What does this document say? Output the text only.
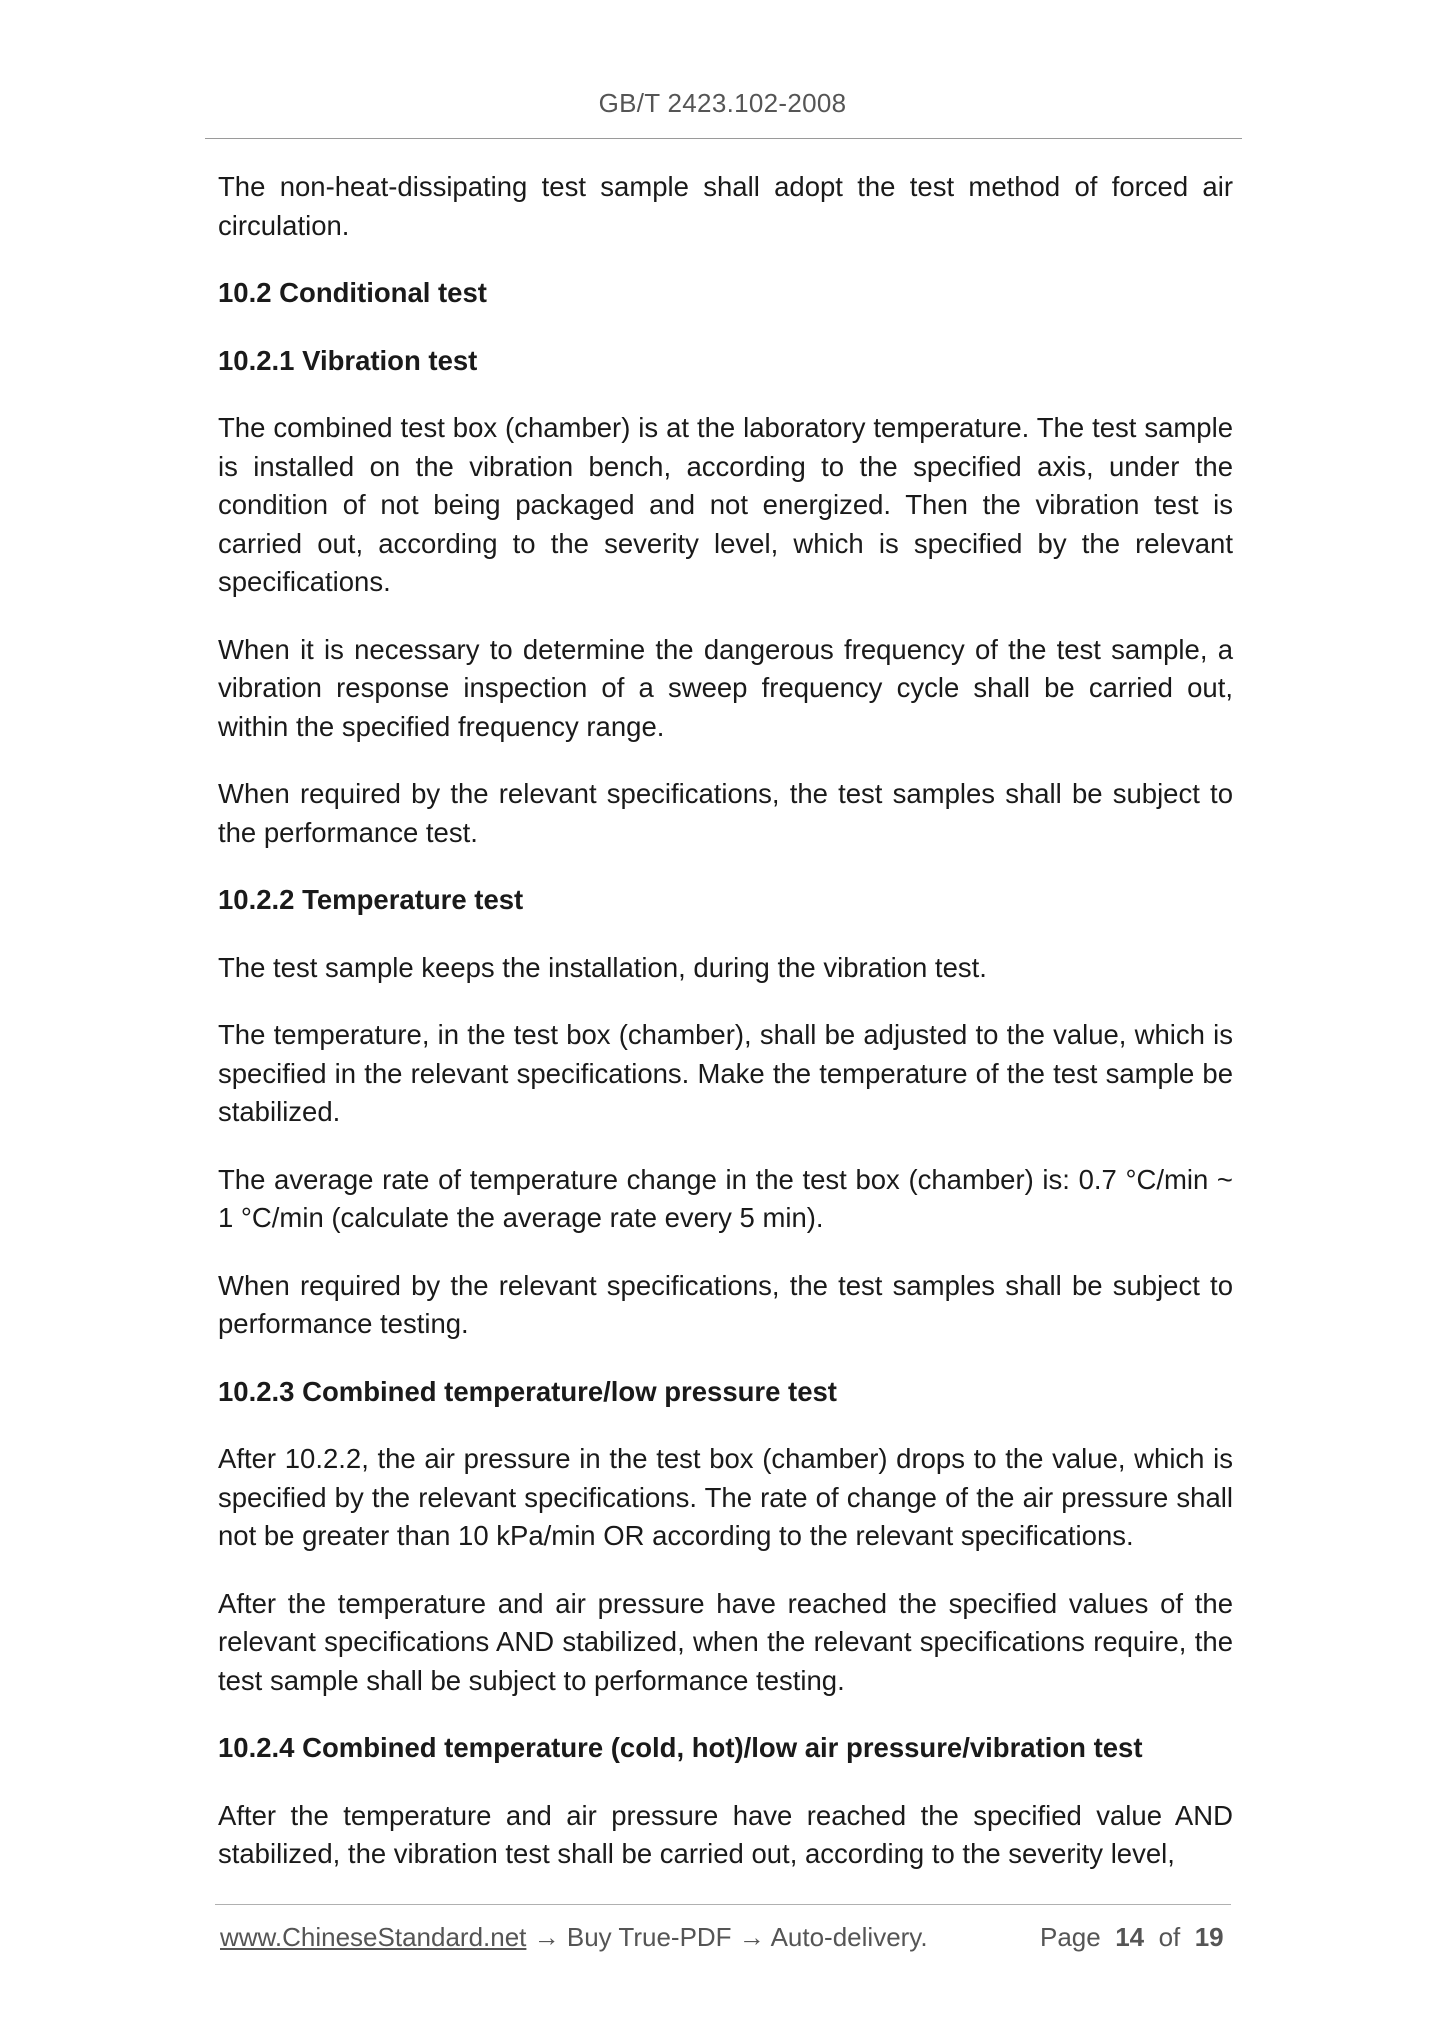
GB/T 2423.102-2008

The non-heat-dissipating test sample shall adopt the test method of forced air circulation.

10.2 Conditional test
10.2.1 Vibration test

The combined test box (chamber) is at the laboratory temperature. The test sample is installed on the vibration bench, according to the specified axis, under the condition of not being packaged and not energized. Then the vibration test is carried out, according to the severity level, which is specified by the relevant specifications.

When it is necessary to determine the dangerous frequency of the test sample, a vibration response inspection of a sweep frequency cycle shall be carried out, within the specified frequency range.

When required by the relevant specifications, the test samples shall be subject to the performance test.

10.2.2 Temperature test

The test sample keeps the installation, during the vibration test.

The temperature, in the test box (chamber), shall be adjusted to the value, which is specified in the relevant specifications. Make the temperature of the test sample be stabilized.

The average rate of temperature change in the test box (chamber) is: 0.7 °C/min ~ 1 °C/min (calculate the average rate every 5 min).

When required by the relevant specifications, the test samples shall be subject to performance testing.

10.2.3 Combined temperature/low pressure test

After 10.2.2, the air pressure in the test box (chamber) drops to the value, which is specified by the relevant specifications. The rate of change of the air pressure shall not be greater than 10 kPa/min OR according to the relevant specifications.

After the temperature and air pressure have reached the specified values of the relevant specifications AND stabilized, when the relevant specifications require, the test sample shall be subject to performance testing.

10.2.4 Combined temperature (cold, hot)/low air pressure/vibration test

After the temperature and air pressure have reached the specified value AND stabilized, the vibration test shall be carried out, according to the severity level,

www.ChineseStandard.net → Buy True-PDF → Auto-delivery.	Page 14 of 19
